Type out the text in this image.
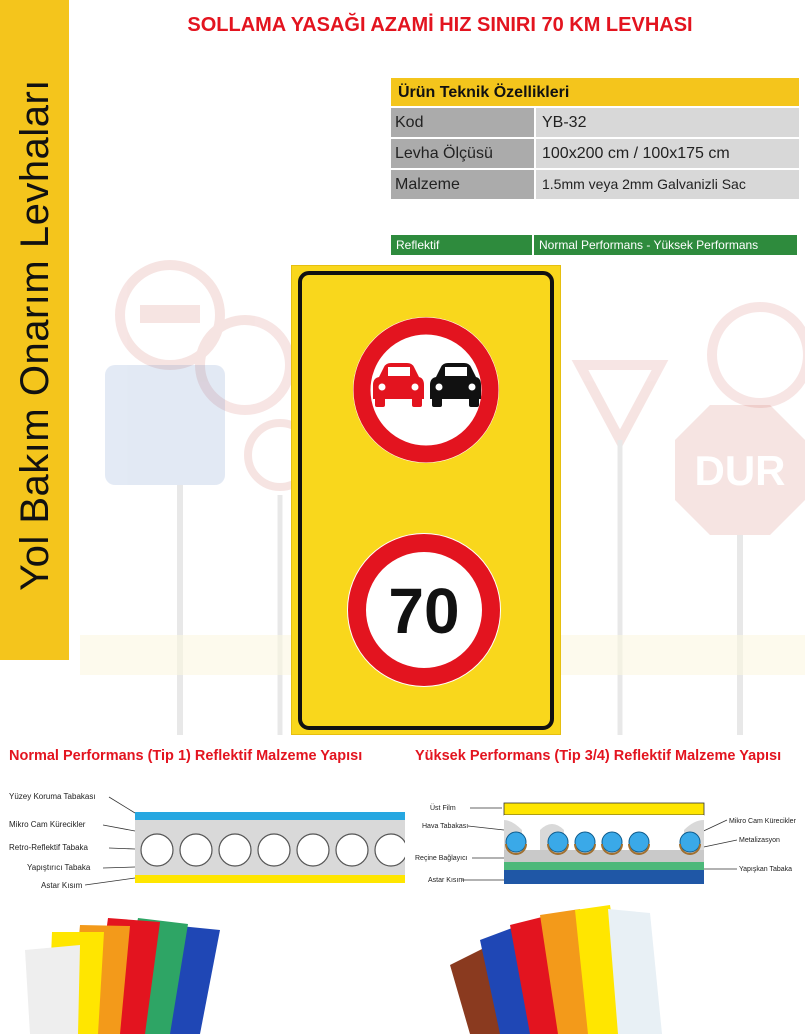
Yol Bakım Onarım Levhaları
SOLLAMA YASAĞI AZAMİ HIZ SINIRI 70 KM LEVHASI
Ürün Teknik Özellikleri
Kod	YB-32
Levha Ölçüsü	100x200 cm / 100x175 cm
Malzeme	1.5mm veya 2mm Galvanizli Sac
Reflektif	Normal Performans - Yüksek Performans
DUR
70
Normal Performans (Tip 1) Reflektif Malzeme Yapısı	Yüksek Performans (Tip 3/4) Reflektif Malzeme Yapısı
Yüzey Koruma Tabakası
Mikro Cam Kürecikler
Retro-Reflektif Tabaka
Yapıştırıcı Tabaka
Astar Kısım
Üst Film
Hava Tabakası
Reçine Bağlayıcı
Astar Kısım
Mikro Cam Kürecikler
Metalizasyon
Yapışkan Tabaka
